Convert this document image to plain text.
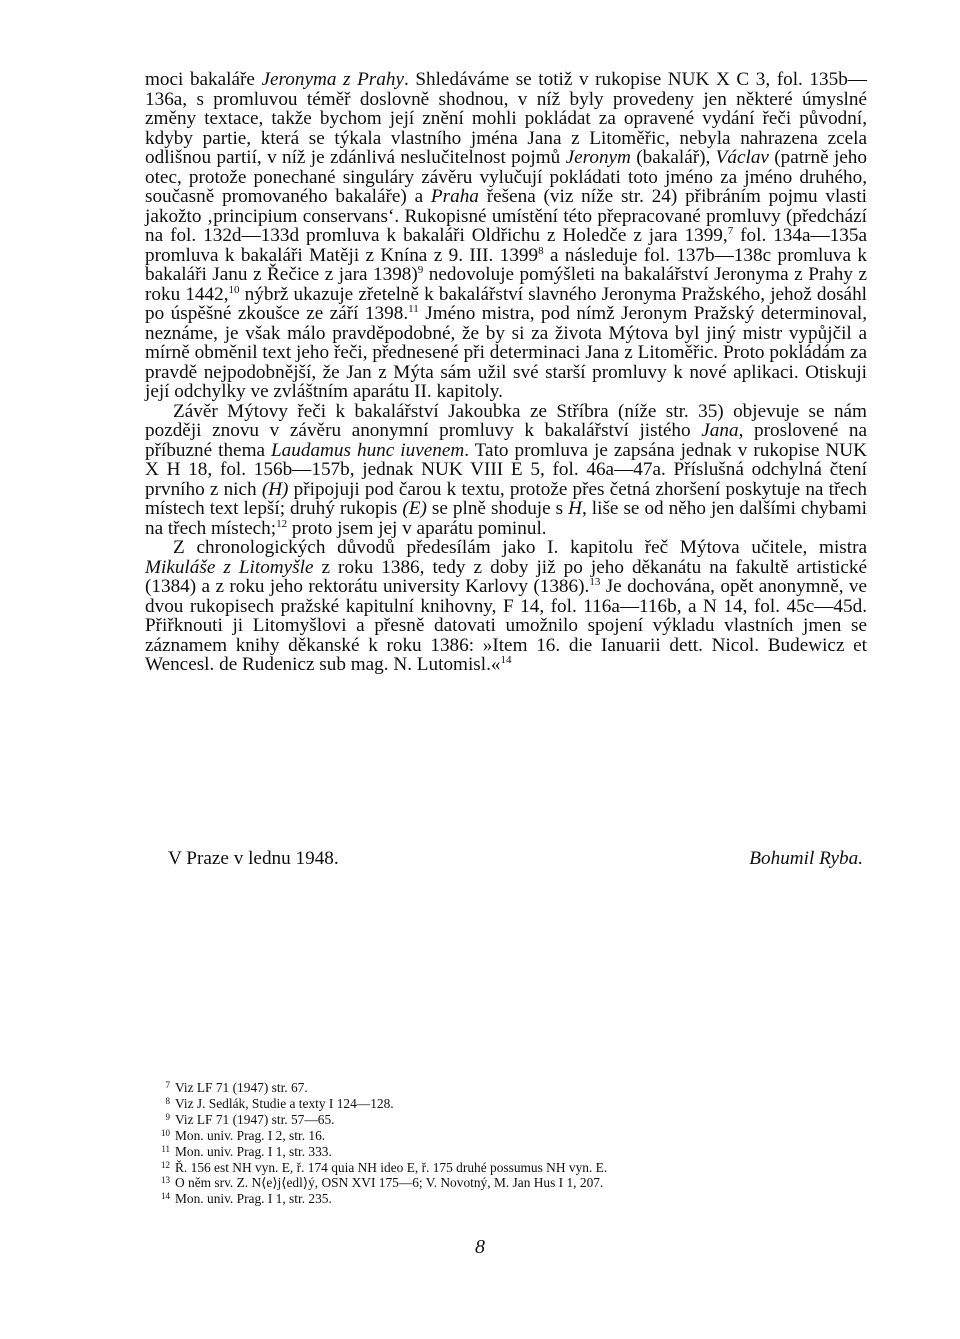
moci bakaláře Jeronyma z Prahy. Shledáváme se totiž v rukopise NUK X C 3, fol. 135b—136a, s promluvou téměř doslovně shodnou, v níž byly provedeny jen některé úmyslné změny textace, takže bychom její znění mohli pokládat za opravené vydání řeči původní, kdyby partie, která se týkala vlastního jména Jana z Litoměřic, nebyla nahrazena zcela odlišnou partií, v níž je zdánlivá neslučitelnost pojmů Jeronym (bakalář), Václav (patrně jeho otec, protože ponechané singuláry závěru vylučují pokládati toto jméno za jméno druhého, současně promovaného bakaláře) a Praha řešena (viz níže str. 24) přibráním pojmu vlasti jakožto ‚principium conservans‘. Rukopisné umístění této přepracované promluvy (předchází na fol. 132d—133d promluva k bakaláři Oldřichu z Holedče z jara 1399,$^7$ fol. 134a—135a promluva k bakaláři Matěji z Knína z 9. III. 1399$^8$ a následuje fol. 137b—138c promluva k bakaláři Janu z Řečice z jara 1398)$^9$ nedovoluje pomýšleti na bakalářství Jeronyma z Prahy z roku 1442,10 nýbrž ukazuje zřetelně k bakalářství slavného Jeronyma Pražského, jehož dosáhl po úspěšné zkoušce ze září 1398.11 Jméno mistra, pod nímž Jeronym Pražský determinoval, neznáme, je však málo pravděpodobné, že by si za života Mýtova byl jiný mistr vypůjčil a mírně obměnil text jeho řeči, přednesené při determinaci Jana z Litoměřic. Proto pokládám za pravdě nejpodobnější, že Jan z Mýta sám užil své starší promluvy k nové aplikaci. Otiskuji její odchylky ve zvláštním aparátu II. kapitoly.

Závěr Mýtovy řeči k bakalářství Jakoubka ze Stříbra (níže str. 35) objevuje se nám později znovu v závěru anonymní promluvy k bakalářství jistého Jana, proslovené na příbuzné thema Laudamus hunc iuvenem. Tato promluva je zapsána jednak v rukopise NUK X H 18, fol. 156b—157b, jednak NUK VIII E 5, fol. 46a—47a. Příslušná odchylná čtení prvního z nich (H) připojuji pod čarou k textu, protože přes četná zhoršení poskytuje na třech místech text lepší; druhý rukopis (E) se plně shoduje s H, liše se od něho jen dalšími chybami na třech místech;$^{12}$ proto jsem jej v aparátu pominul.

Z chronologických důvodů předesílám jako I. kapitolu řeč Mýtova učitele, mistra Mikuláše z Litomyšle z roku 1386, tedy z doby již po jeho děkanátu na fakultě artistické (1384) a z roku jeho rektorátu university Karlovy (1386).$^{13}$ Je dochována, opět anonymně, ve dvou rukopisech pražské kapitulní knihovny, F 14, fol. 116a—116b, a N 14, fol. 45c—45d. Přiřknouti ji Litomyšlovi a přesně datovati umožnilo spojení výkladu vlastních jmen se záznamem knihy děkanské k roku 1386: »Item 16. die Ianuarii dett. Nicol. Budewicz et Wencesl. de Rudenicz sub mag. N. Lutomisl.«$^{14}$

V Praze v lednu 1948.	Bohumil Ryba.
7 Viz LF 71 (1947) str. 67.
8 Viz J. Sedlák, Studie a texty I 124—128.
9 Viz LF 71 (1947) str. 57—65.
10 Mon. univ. Prag. I 2, str. 16.
11 Mon. univ. Prag. I 1, str. 333.
12 Ř. 156 est NH vyn. E, ř. 174 quia NH ideo E, ř. 175 druhé possumus NH vyn. E.
13 O něm srv. Z. N⟨e⟩j⟨edl⟩ý, OSN XVI 175—6; V. Novotný, M. Jan Hus I 1, 207.
14 Mon. univ. Prag. I 1, str. 235.
8
